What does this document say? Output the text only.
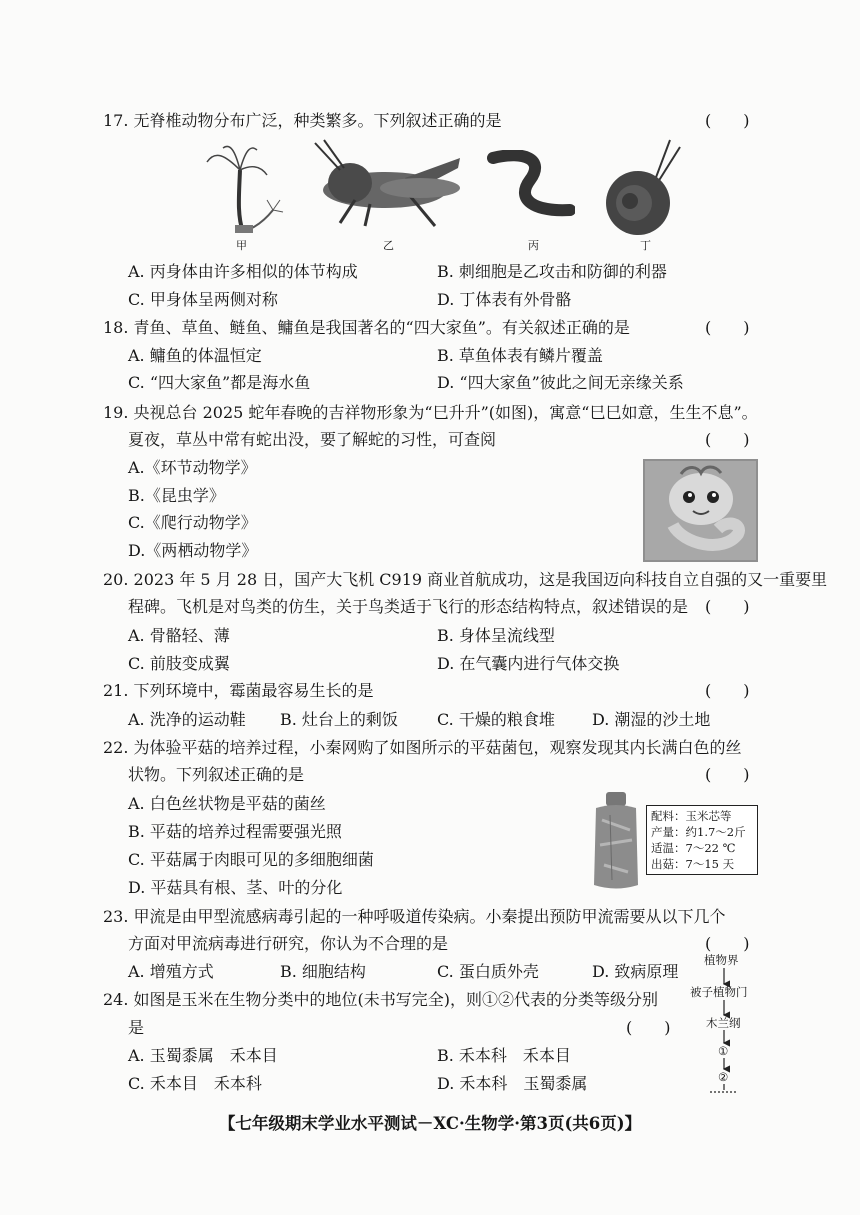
17. 无脊椎动物分布广泛，种类繁多。下列叙述正确的是	(　　)
甲	乙	丙	丁
A. 丙身体由许多相似的体节构成	B. 刺细胞是乙攻击和防御的利器
C. 甲身体呈两侧对称	D. 丁体表有外骨骼
18. 青鱼、草鱼、鲢鱼、鳙鱼是我国著名的“四大家鱼”。有关叙述正确的是	(　　)
A. 鳙鱼的体温恒定	B. 草鱼体表有鳞片覆盖
C. “四大家鱼”都是海水鱼	D. “四大家鱼”彼此之间无亲缘关系
19. 央视总台 2025 蛇年春晚的吉祥物形象为“巳升升”(如图)，寓意“巳巳如意，生生不息”。
夏夜，草丛中常有蛇出没，要了解蛇的习性，可查阅	(　　)
A.《环节动物学》
B.《昆虫学》
C.《爬行动物学》
D.《两栖动物学》
20. 2023 年 5 月 28 日，国产大飞机 C919 商业首航成功，这是我国迈向科技自立自强的又一重要里
程碑。飞机是对鸟类的仿生，关于鸟类适于飞行的形态结构特点，叙述错误的是 (　　)
A. 骨骼轻、薄	B. 身体呈流线型
C. 前肢变成翼	D. 在气囊内进行气体交换
21. 下列环境中，霉菌最容易生长的是	(　　)
A. 洗净的运动鞋 B. 灶台上的剩饭 C. 干燥的粮食堆 D. 潮湿的沙土地
22. 为体验平菇的培养过程，小秦网购了如图所示的平菇菌包，观察发现其内长满白色的丝
状物。下列叙述正确的是	(　　)
A. 白色丝状物是平菇的菌丝
B. 平菇的培养过程需要强光照
C. 平菇属于肉眼可见的多细胞细菌
D. 平菇具有根、茎、叶的分化
配料：玉米芯等
产量：约1.7～2斤
适温：7～22 ℃
出菇：7～15 天
23. 甲流是由甲型流感病毒引起的一种呼吸道传染病。小秦提出预防甲流需要从以下几个
方面对甲流病毒进行研究，你认为不合理的是	(　　)
A. 增殖方式	B. 细胞结构	C. 蛋白质外壳	D. 致病原理
24. 如图是玉米在生物分类中的地位(未书写完全)，则①②代表的分类等级分别
是	(　　)
A. 玉蜀黍属　禾本目	B. 禾本科　禾本目
C. 禾本目　禾本科	D. 禾本科　玉蜀黍属
植物界
被子植物门
木兰纲
①
②
【七年级期末学业水平测试－XC·生物学·第3页(共6页)】
